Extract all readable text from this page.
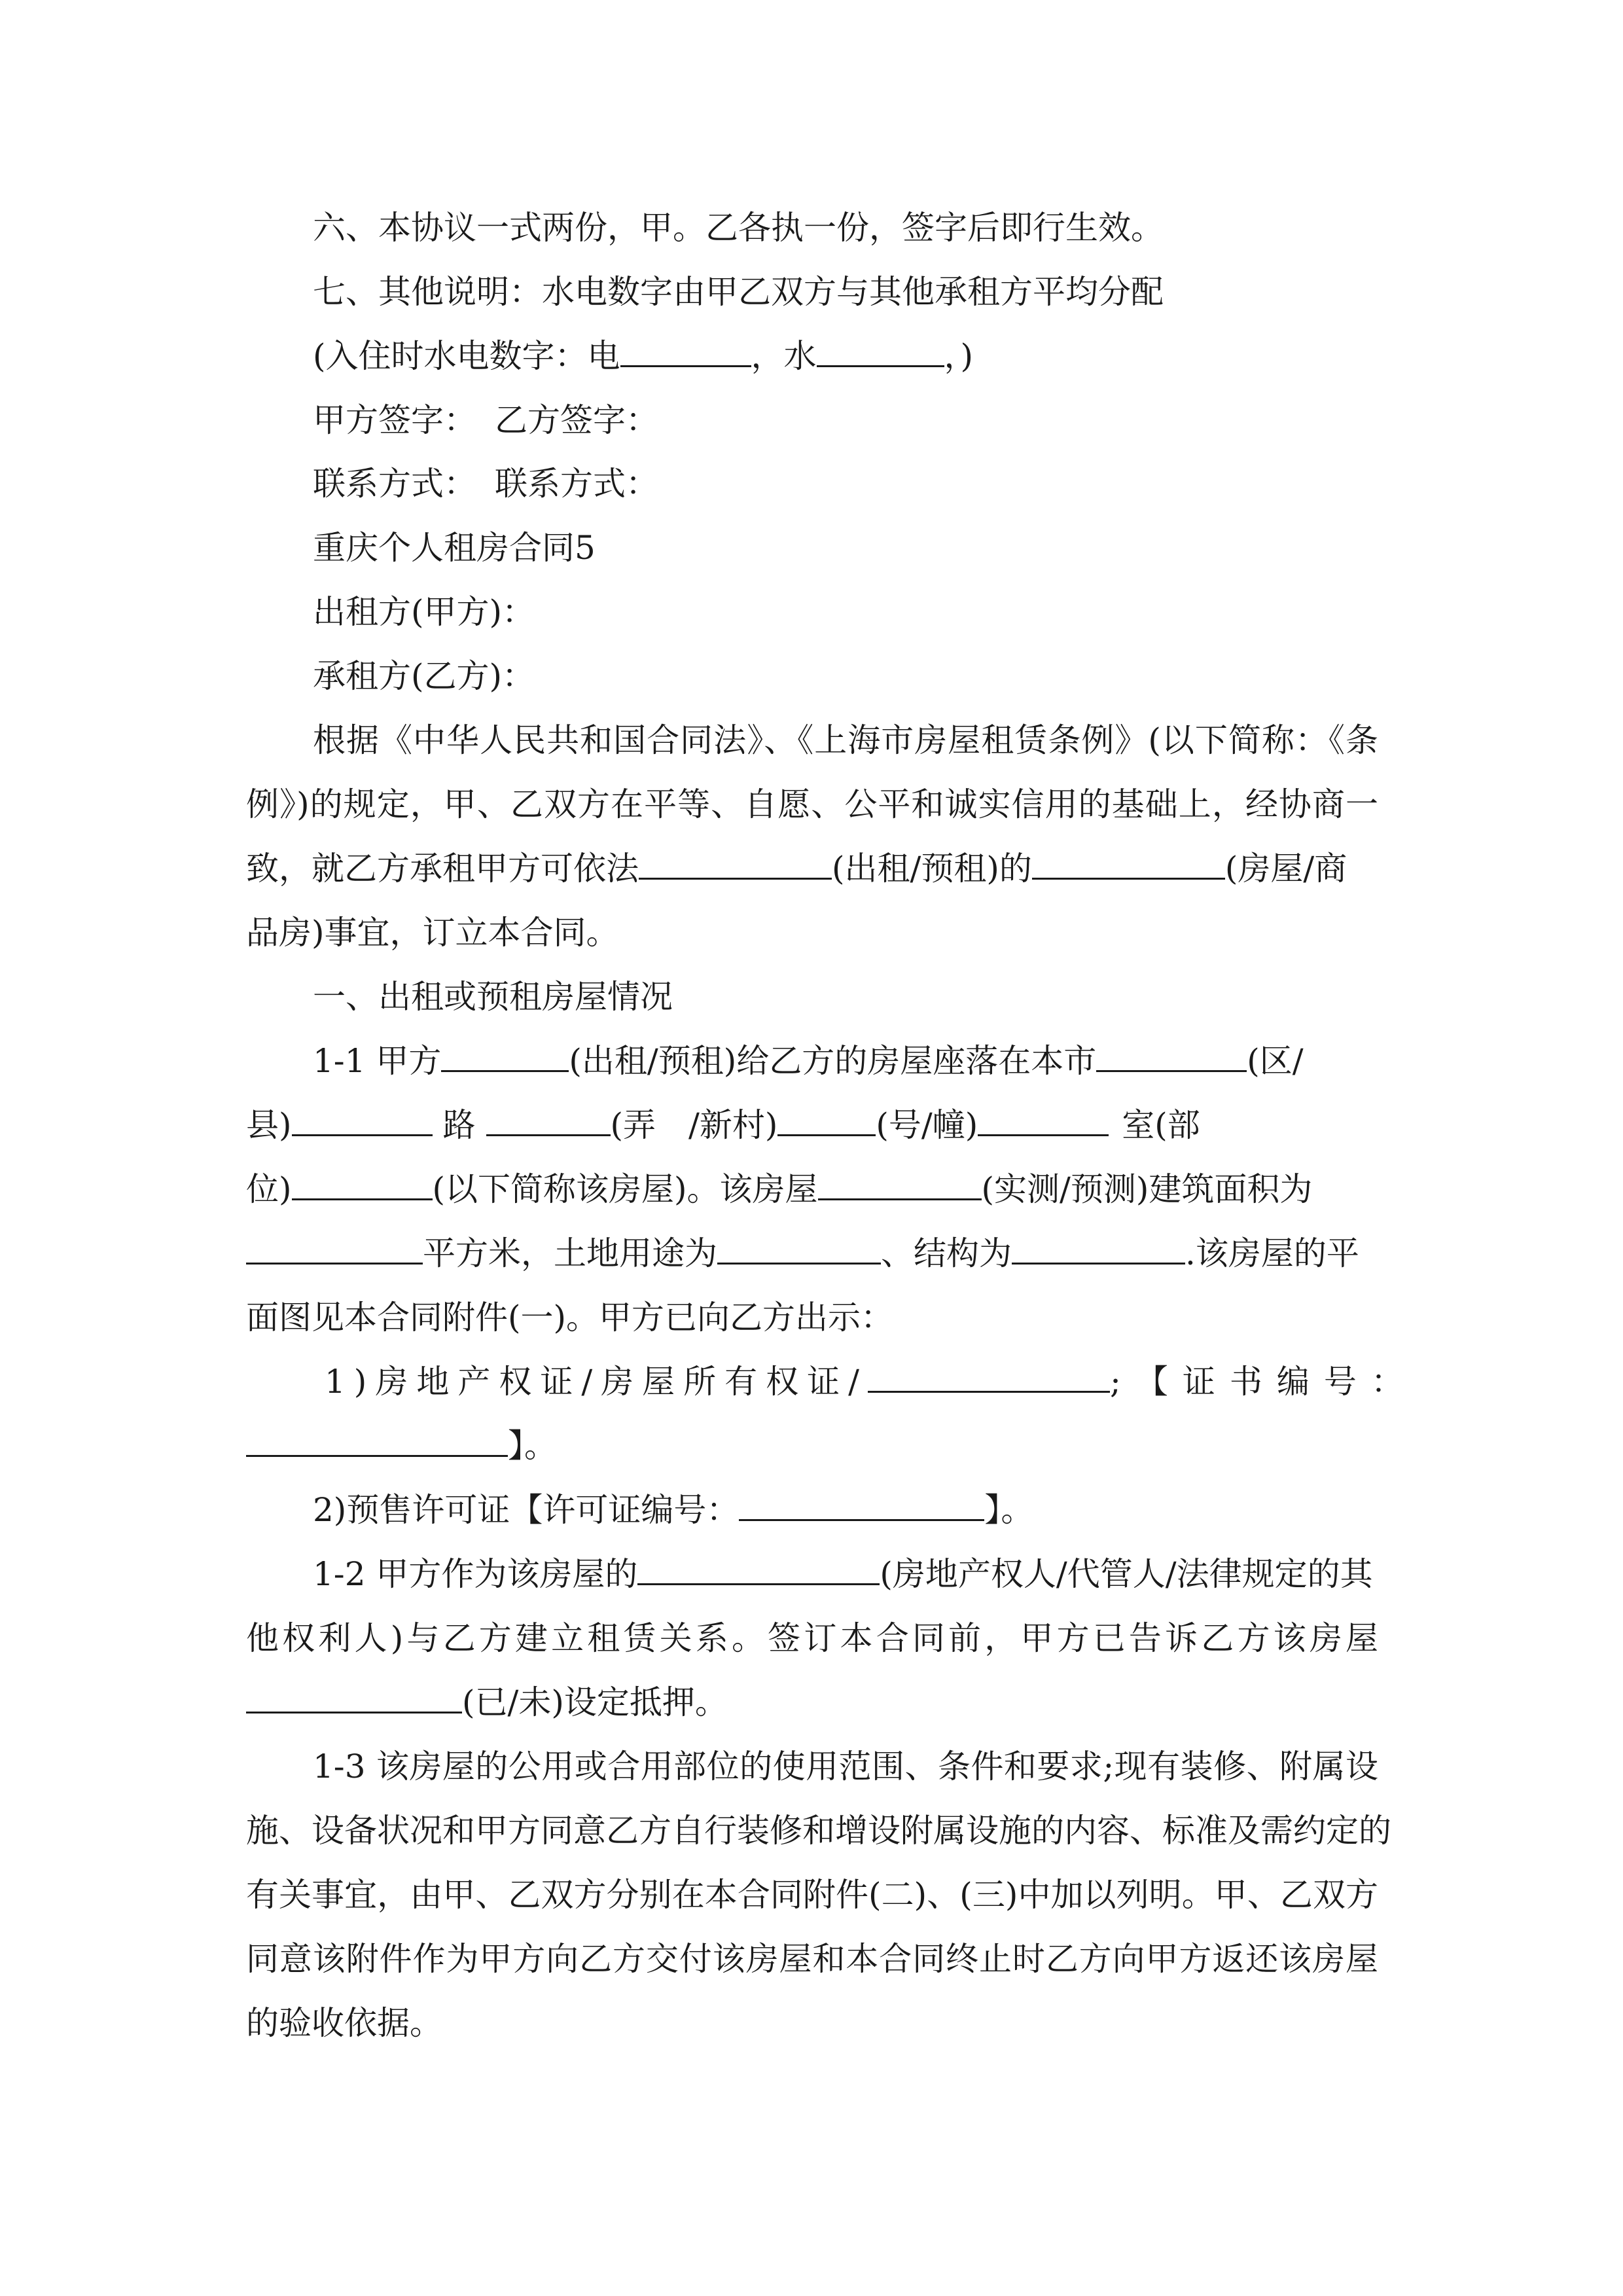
六、本协议一式两份，甲。乙各执一份，签字后即行生效。
七、其他说明：水电数字由甲乙双方与其他承租方平均分配
(入住时水电数字：电	，水	，)
甲方签字： 乙方签字：
联系方式： 联系方式：
重庆个人租房合同5
出租方(甲方)：
承租方(乙方)：
根据《中华人民共和国合同法》、《上海市房屋租赁条例》(以下简称：《条
例》)的规定，甲、乙双方在平等、自愿、公平和诚实信用的基础上，经协商一
致，就乙方承租甲方可依法	(出租/预租)的	(房屋/商
品房)事宜，订立本合同。
一、出租或预租房屋情况
1-1 甲方	(出租/预租)给乙方的房屋座落在本市	(区/
县)	路	(弄　/新村)	(号/幢)	室(部
位)	(以下简称该房屋)。该房屋	(实测/预测)建筑面积为
平方米，土地用途为	、结构为	.该房屋的平
面图见本合同附件(一)。甲方已向乙方出示：
1)房地产权证/房屋所有权证/	;【证书编号：
】。
2)预售许可证【许可证编号：	】。
1-2 甲方作为该房屋的	(房地产权人/代管人/法律规定的其
他权利人)与乙方建立租赁关系。签订本合同前，甲方已告诉乙方该房屋
(已/未)设定抵押。
1-3 该房屋的公用或合用部位的使用范围、条件和要求;现有装修、附属设
施、设备状况和甲方同意乙方自行装修和增设附属设施的内容、标准及需约定的
有关事宜，由甲、乙双方分别在本合同附件(二)、(三)中加以列明。甲、乙双方
同意该附件作为甲方向乙方交付该房屋和本合同终止时乙方向甲方返还该房屋
的验收依据。
